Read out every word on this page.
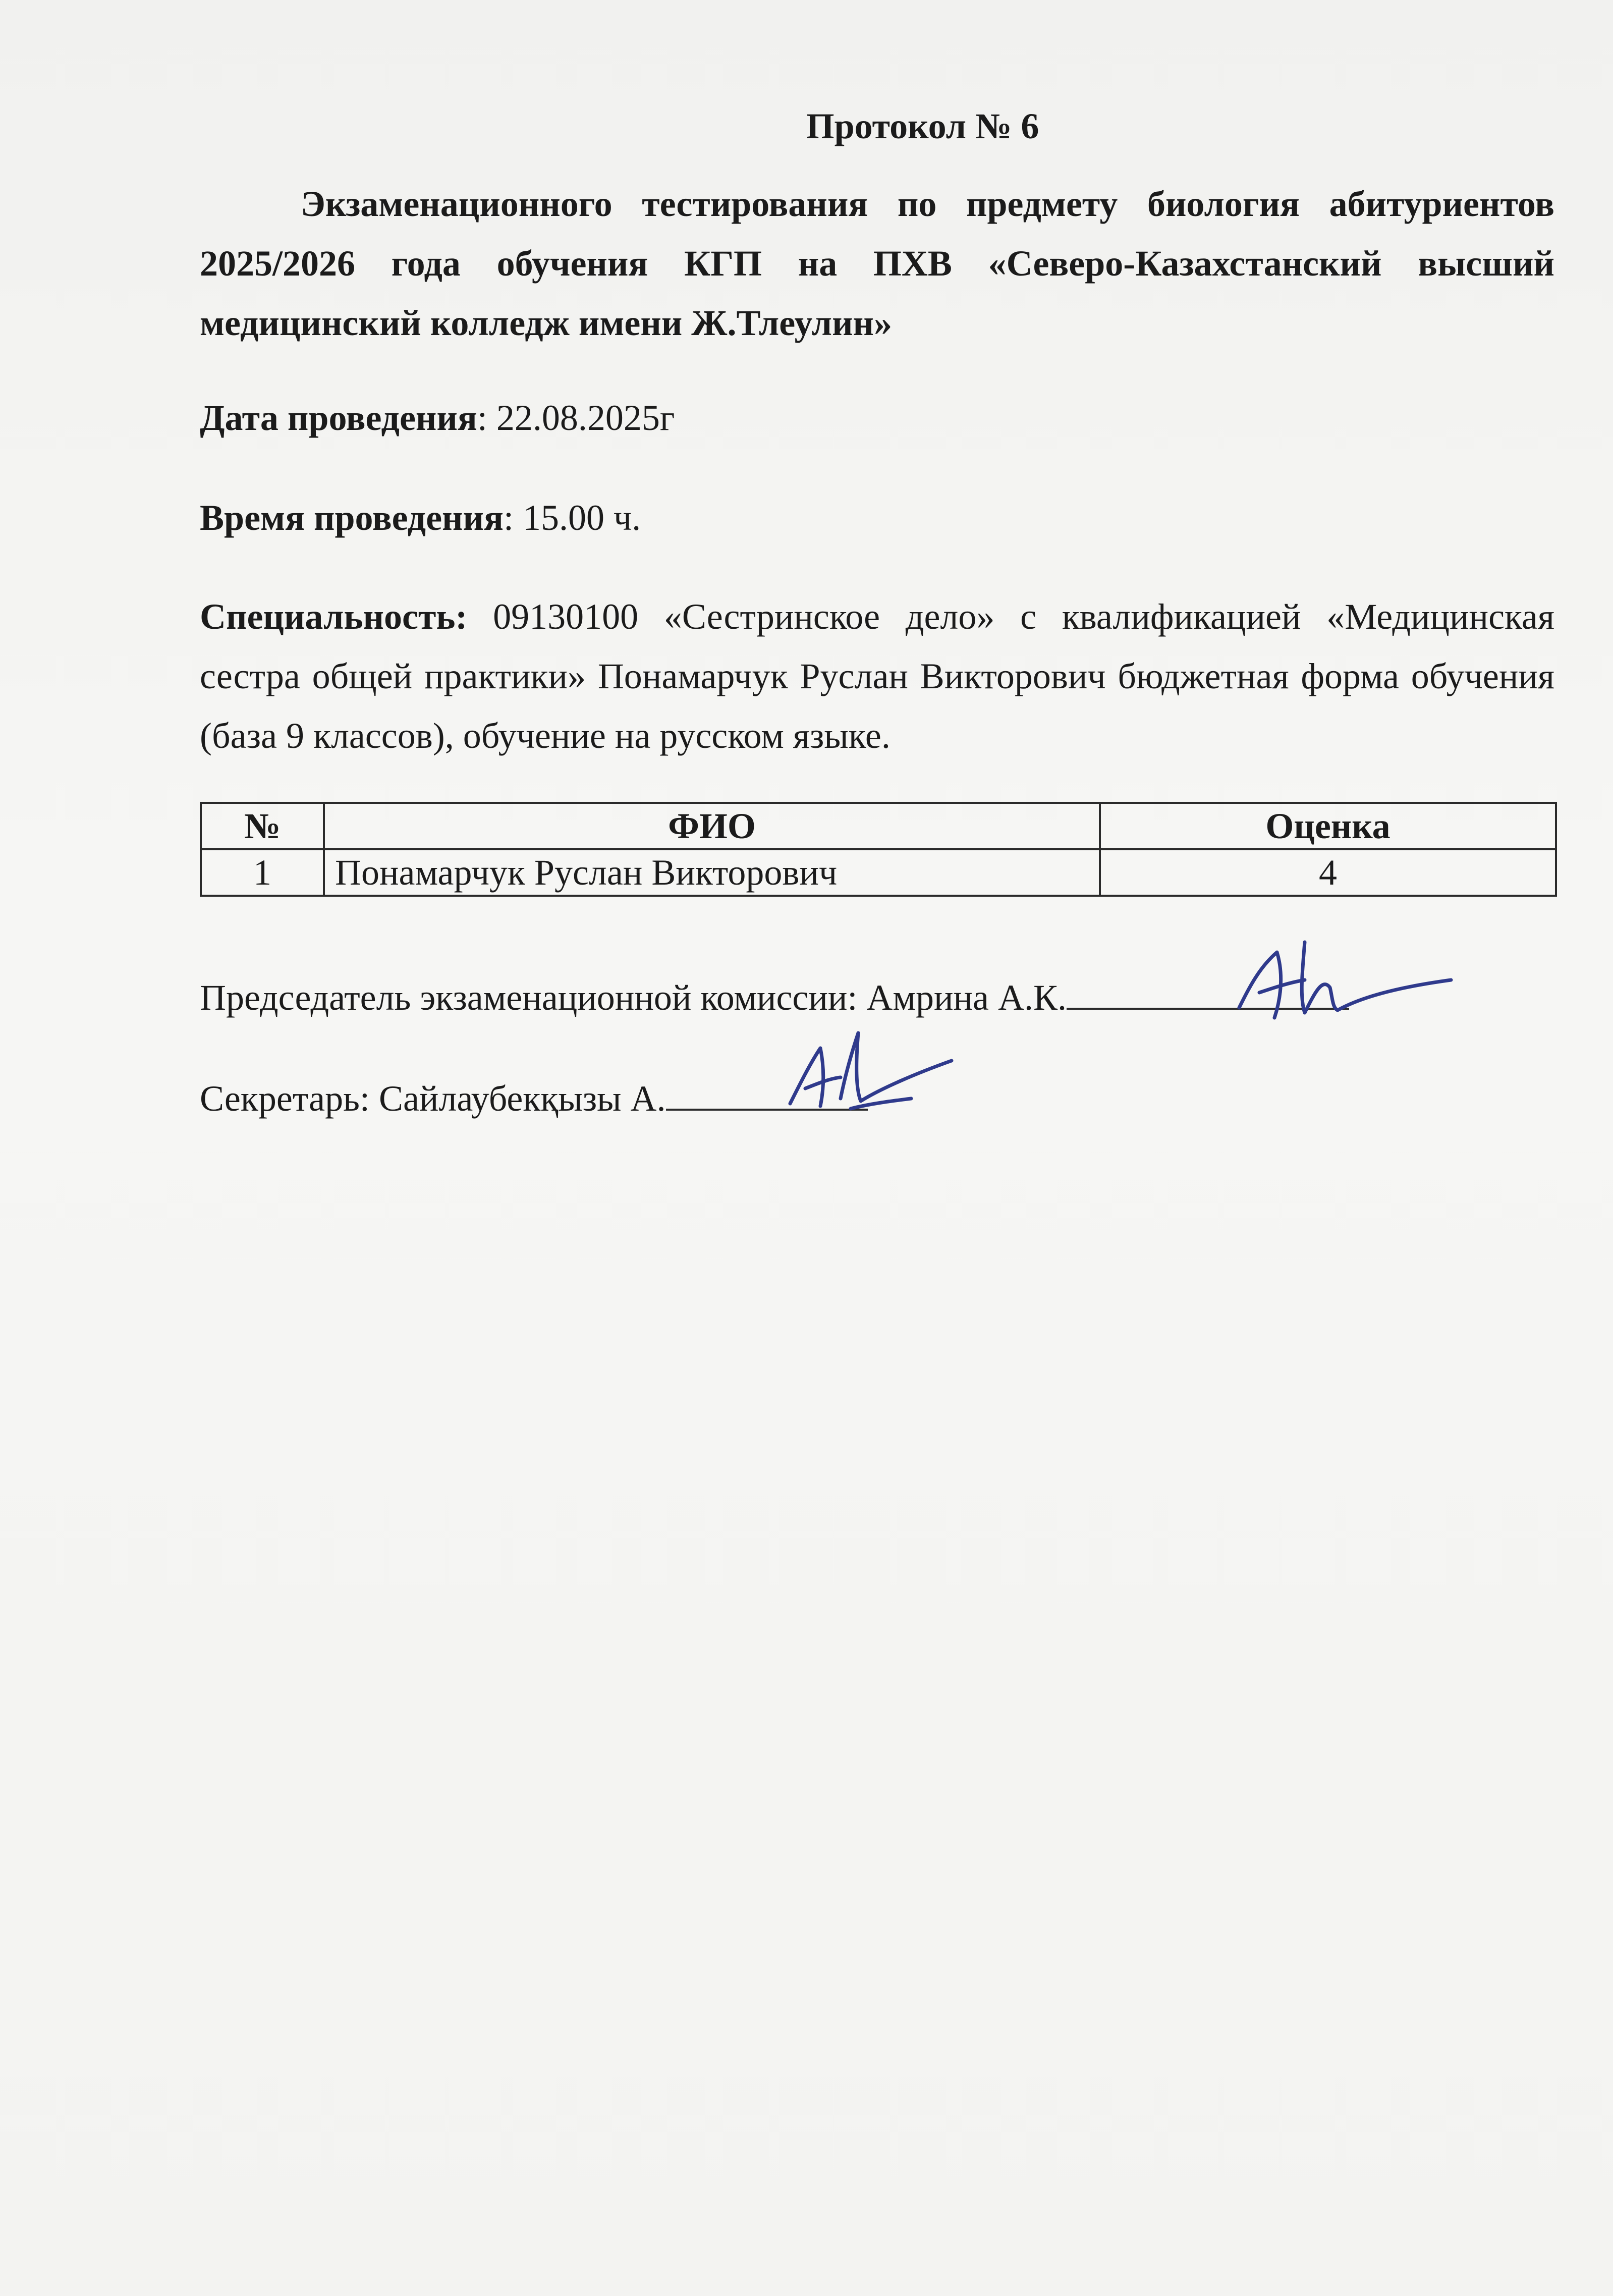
Протокол № 6

Экзаменационного тестирования по предмету биология абитуриентов 2025/2026 года обучения КГП на ПХВ «Северо-Казахстанский высший медицинский колледж имени Ж.Тлеулин»
Дата проведения: 22.08.2025г
Время проведения: 15.00 ч.
Специальность: 09130100 «Сестринское дело» с квалификацией «Медицинская сестра общей практики» Понамарчук Руслан Викторович бюджетная форма обучения (база 9 классов), обучение на русском языке.
№	ФИО	Оценка
1	Понамарчук Руслан Викторович	4
Председатель экзаменационной комиссии: Амрина А.К.
Секретарь: Сайлаубекқызы А.
